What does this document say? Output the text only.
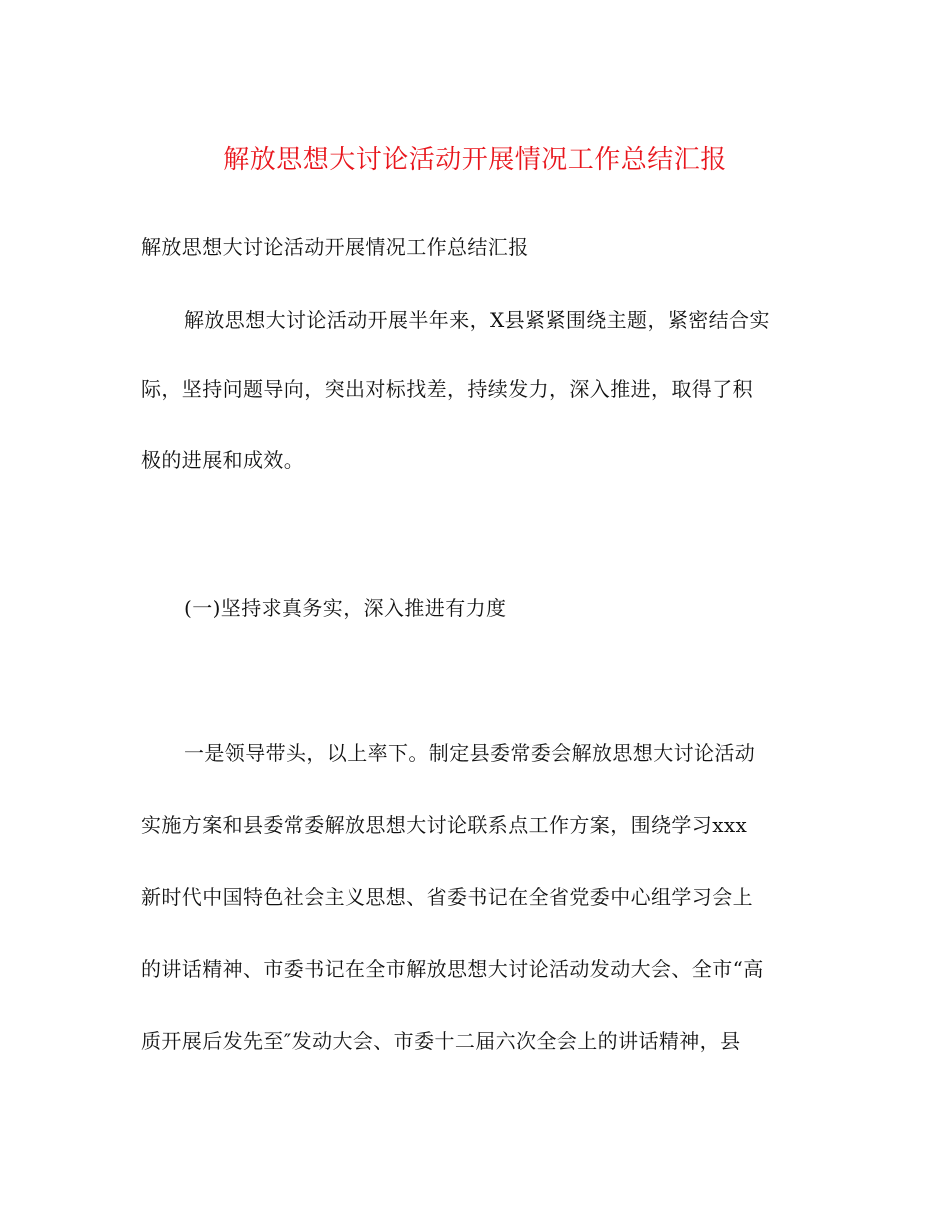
解放思想大讨论活动开展情况工作总结汇报
解放思想大讨论活动开展情况工作总结汇报
解放思想大讨论活动开展半年来，X县紧紧围绕主题，紧密结合实
际，坚持问题导向，突出对标找差，持续发力，深入推进，取得了积
极的进展和成效。
(一)坚持求真务实，深入推进有力度
一是领导带头，以上率下。制定县委常委会解放思想大讨论活动
实施方案和县委常委解放思想大讨论联系点工作方案，围绕学习xxx
新时代中国特色社会主义思想、省委书记在全省党委中心组学习会上
的讲话精神、市委书记在全市解放思想大讨论活动发动大会、全市“高
质开展后发先至″发动大会、市委十二届六次全会上的讲话精神，县
